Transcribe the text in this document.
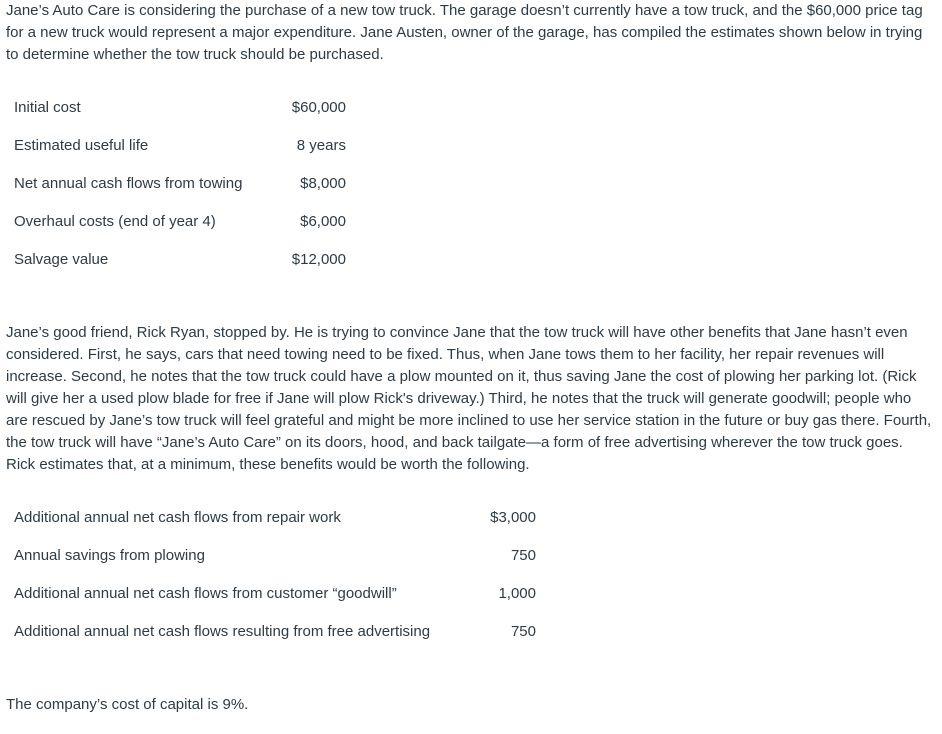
Jane’s Auto Care is considering the purchase of a new tow truck. The garage doesn’t currently have a tow truck, and the $60,000 price tag for a new truck would represent a major expenditure. Jane Austen, owner of the garage, has compiled the estimates shown below in trying to determine whether the tow truck should be purchased.

Initial cost	$60,000
Estimated useful life	8 years
Net annual cash flows from towing	$8,000
Overhaul costs (end of year 4)	$6,000
Salvage value	$12,000

Jane’s good friend, Rick Ryan, stopped by. He is trying to convince Jane that the tow truck will have other benefits that Jane hasn’t even considered. First, he says, cars that need towing need to be fixed. Thus, when Jane tows them to her facility, her repair revenues will increase. Second, he notes that the tow truck could have a plow mounted on it, thus saving Jane the cost of plowing her parking lot. (Rick will give her a used plow blade for free if Jane will plow Rick's driveway.) Third, he notes that the truck will generate goodwill; people who are rescued by Jane’s tow truck will feel grateful and might be more inclined to use her service station in the future or buy gas there. Fourth, the tow truck will have “Jane’s Auto Care” on its doors, hood, and back tailgate—a form of free advertising wherever the tow truck goes. Rick estimates that, at a minimum, these benefits would be worth the following.

Additional annual net cash flows from repair work	$3,000
Annual savings from plowing	750
Additional annual net cash flows from customer “goodwill”	1,000
Additional annual net cash flows resulting from free advertising	750

The company’s cost of capital is 9%.
